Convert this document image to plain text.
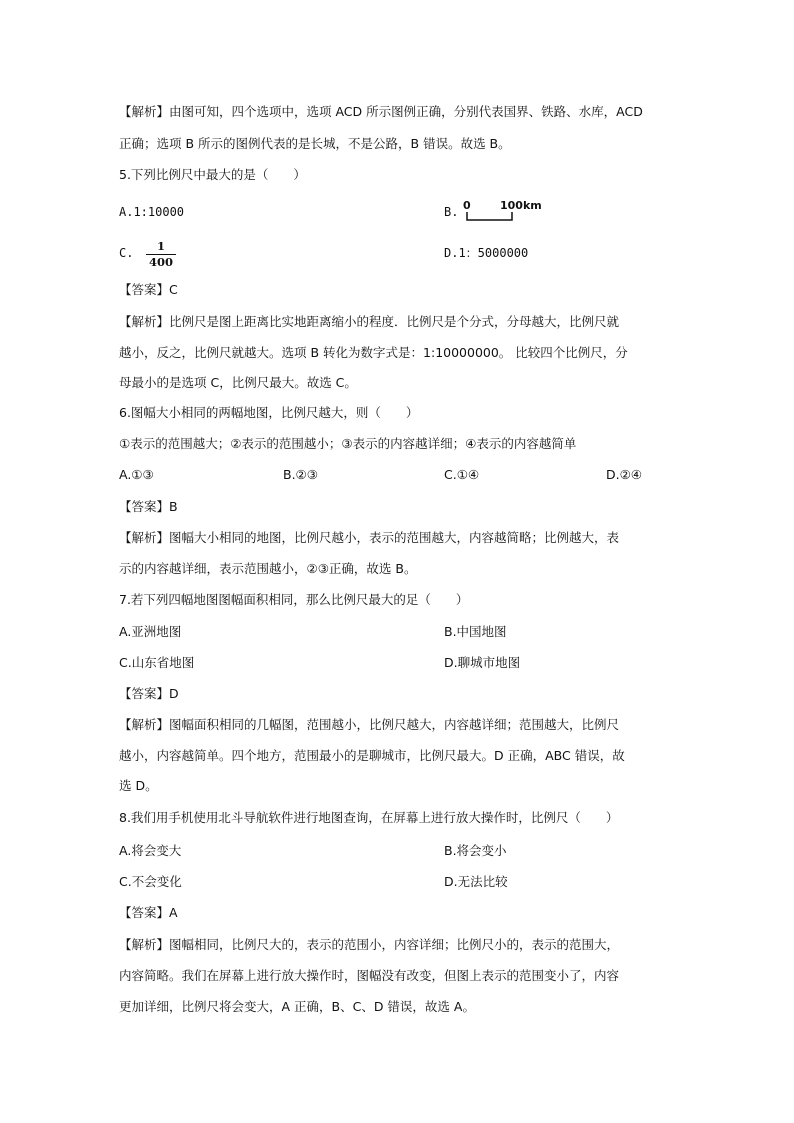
【解析】由图可知，四个选项中，选项 ACD 所示图例正确，分别代表国界、铁路、水库，ACD
正确；选项 B 所示的图例代表的是长城，不是公路，B 错误。故选 B。
5.下列比例尺中最大的是（　　）
A.1:10000	B. 0	100km
C.	1
400
D.1：5000000
【答案】C
【解析】比例尺是图上距离比实地距离缩小的程度．比例尺是个分式，分母越大，比例尺就
越小，反之，比例尺就越大。选项 B 转化为数字式是：1:10000000。 比较四个比例尺，分
母最小的是选项 C，比例尺最大。故选 C。
6.图幅大小相同的两幅地图，比例尺越大，则（　　）
①表示的范围越大；②表示的范围越小；③表示的内容越详细；④表示的内容越简单
A.①③	B.②③	C.①④	D.②④
【答案】B
【解析】图幅大小相同的地图，比例尺越小，表示的范围越大，内容越简略；比例越大，表
示的内容越详细，表示范围越小，②③正确，故选 B。
7.若下列四幅地图图幅面积相同，那么比例尺最大的足（　　）
A.亚洲地图	B.中国地图
C.山东省地图	D.聊城市地图
【答案】D
【解析】图幅面积相同的几幅图，范围越小，比例尺越大，内容越详细；范围越大，比例尺
越小，内容越简单。四个地方，范围最小的是聊城市，比例尺最大。D 正确，ABC 错误，故
选 D。
8.我们用手机使用北斗导航软件进行地图查询，在屏幕上进行放大操作时，比例尺（　　）
A.将会变大	B.将会变小
C.不会变化	D.无法比较
【答案】A
【解析】图幅相同，比例尺大的，表示的范围小，内容详细；比例尺小的，表示的范围大，
内容简略。我们在屏幕上进行放大操作时，图幅没有改变，但图上表示的范围变小了，内容
更加详细，比例尺将会变大，A 正确，B、C、D 错误，故选 A。
